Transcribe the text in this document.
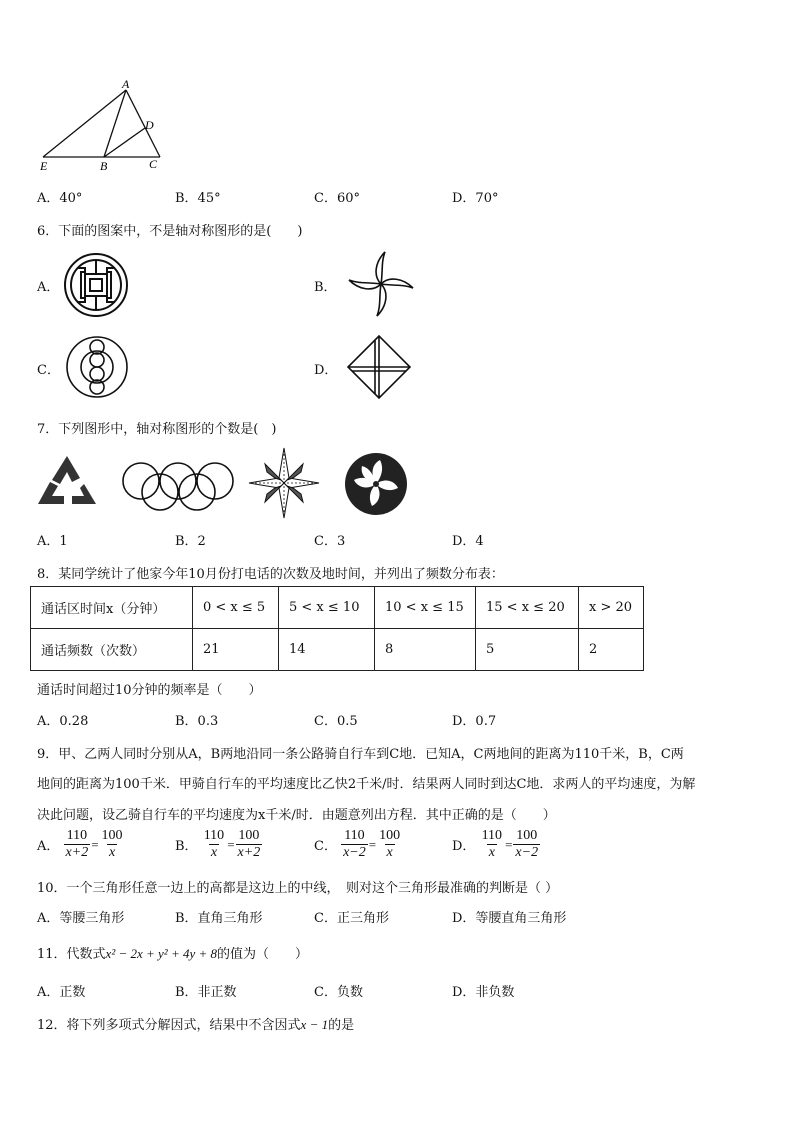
A
D
E	B	C
A．40°	B．45°	C．60°	D．70°
6．下面的图案中，不是轴对称图形的是(　　)
A．	B．
C．	D．
7．下列图形中，轴对称图形的个数是(　)
A．1	B．2	C．3	D．4
8．某同学统计了他家今年10月份打电话的次数及地时间，并列出了频数分布表：
通话区时间x（分钟）	0 < x ≤ 5	5 < x ≤ 10	10 < x ≤ 15	15 < x ≤ 20	x > 20
通话频数（次数）	21	14	8	5	2
通话时间超过10分钟的频率是（　　）
A．0.28	B．0.3	C．0.5	D．0.7
9．甲、乙两人同时分别从A，B两地沿同一条公路骑自行车到C地．已知A，C两地间的距离为110千米，B，C两
地间的距离为100千米．甲骑自行车的平均速度比乙快2千米/时．结果两人同时到达C地．求两人的平均速度，为解
决此问题，设乙骑自行车的平均速度为x千米/时．由题意列出方程．其中正确的是（　　）
A． $\frac{110}{x+2} = \frac{100}{x}$	B． $\frac{110}{x} = \frac{100}{x+2}$	C． $\frac{110}{x-2} = \frac{100}{x}$	D． $\frac{110}{x} = \frac{100}{x-2}$
10．一个三角形任意一边上的高都是这边上的中线，　则对这个三角形最准确的判断是（ ）
A．等腰三角形	B．直角三角形	C．正三角形	D．等腰直角三角形
11．代数式x² − 2x + y² + 4y + 8的值为（　　）
A．正数	B．非正数	C．负数	D．非负数
12．将下列多项式分解因式，结果中不含因式x − 1的是
